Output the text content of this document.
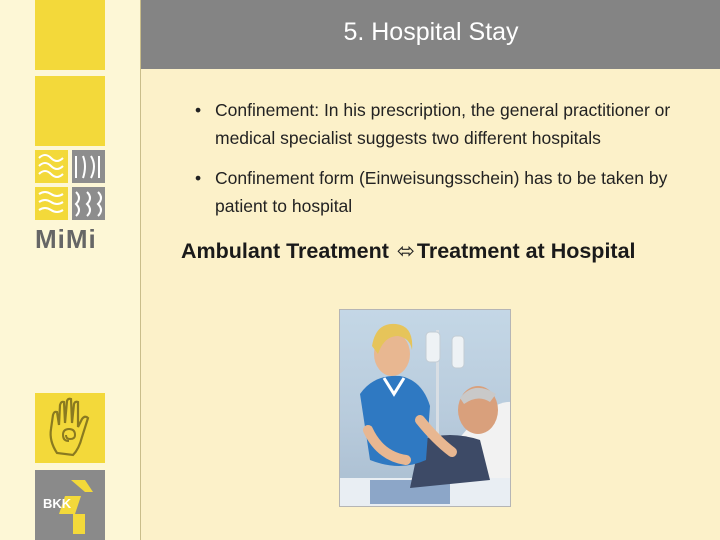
MiMi
BKK
5. Hospital Stay
• Confinement: In his prescription, the general practitioner or medical specialist suggests two different hospitals
• Confinement form (Einweisungsschein) has to be taken by patient to hospital
Ambulant Treatment ⬄Treatment at Hospital
